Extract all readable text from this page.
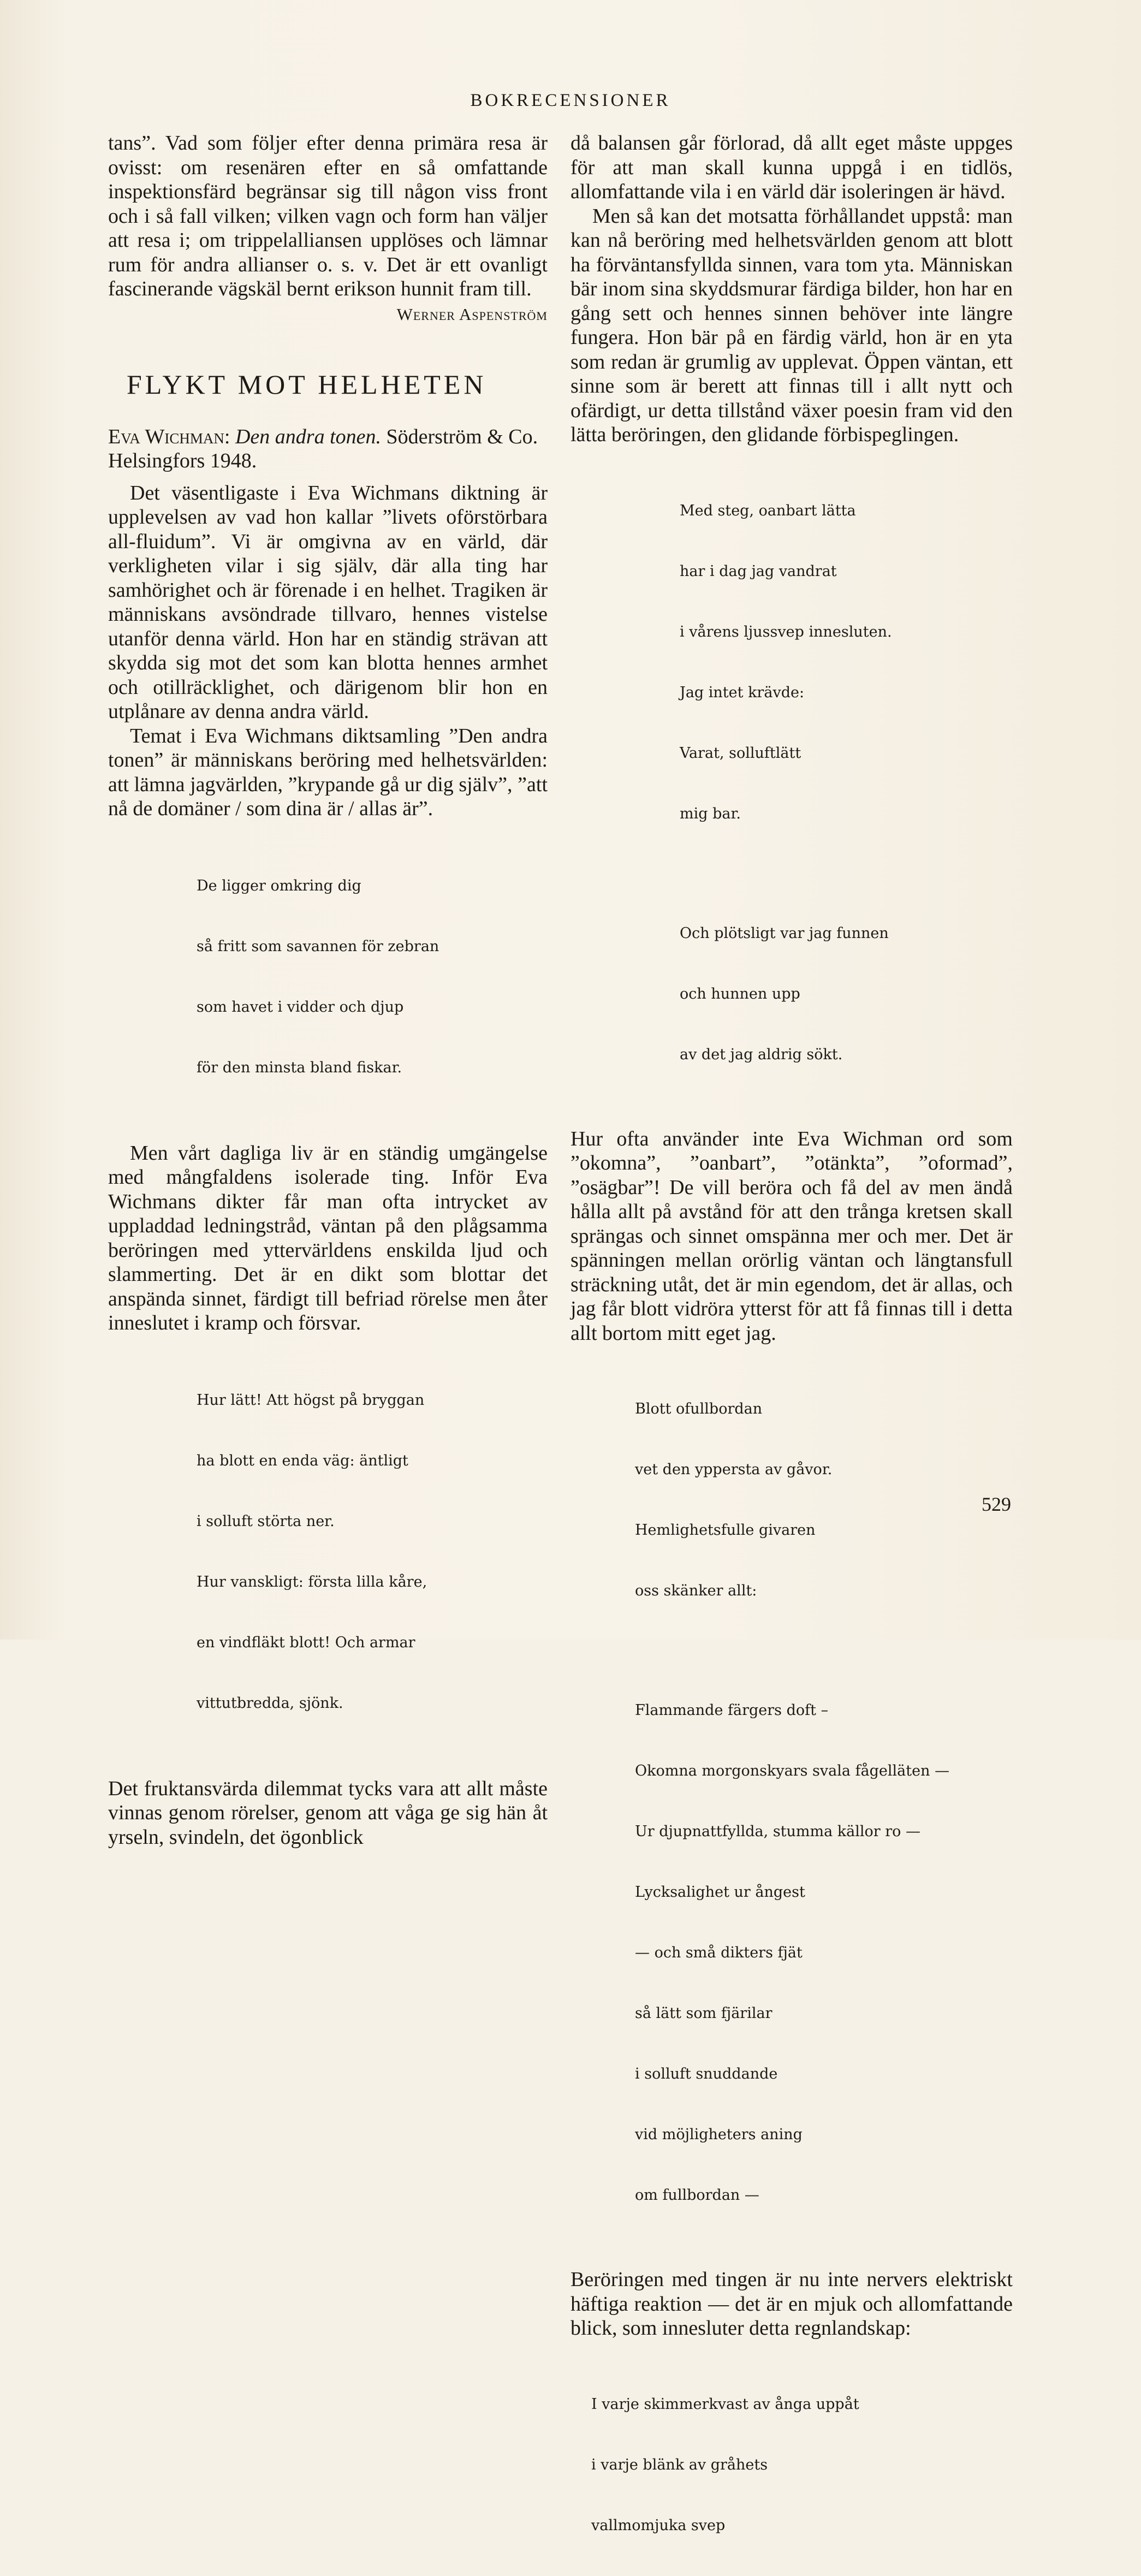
BOKRECENSIONER

tans”. Vad som följer efter denna primära resa är ovisst: om resenären efter en så omfattande inspektionsfärd begränsar sig till någon viss front och i så fall vilken; vilken vagn och form han väljer att resa i; om trippelalliansen upplöses och lämnar rum för andra allianser o. s. v. Det är ett ovanligt fascinerande vägskäl bernt erikson hunnit fram till.

Werner Aspenström
FLYKT MOT HELHETEN
Eva Wichman: Den andra tonen. Söderström & Co. Helsingfors 1948.

Det väsentligaste i Eva Wichmans diktning är upplevelsen av vad hon kallar ”livets oförstörbara all-fluidum”. Vi är omgivna av en värld, där verkligheten vilar i sig själv, där alla ting har samhörighet och är förenade i en helhet. Tragiken är människans avsöndrade tillvaro, hennes vistelse utanför denna värld. Hon har en ständig strävan att skydda sig mot det som kan blotta hennes armhet och otillräcklighet, och därigenom blir hon en utplånare av denna andra värld.

Temat i Eva Wichmans diktsamling ”Den andra tonen” är människans beröring med helhetsvärlden: att lämna jagvärlden, ”krypande gå ur dig själv”, ”att nå de domäner / som dina är / allas är”.

De ligger omkring dig

så fritt som savannen för zebran

som havet i vidder och djup

för den minsta bland fiskar.

Men vårt dagliga liv är en ständig umgängelse med mångfaldens isolerade ting. Inför Eva Wichmans dikter får man ofta intrycket av uppladdad ledningstråd, väntan på den plågsamma beröringen med yttervärldens enskilda ljud och slammerting. Det är en dikt som blottar det anspända sinnet, färdigt till befriad rörelse men åter inneslutet i kramp och försvar.

Hur lätt! Att högst på bryggan

ha blott en enda väg: äntligt

i solluft störta ner.

Hur vanskligt: första lilla kåre,

en vindfläkt blott! Och armar

vittutbredda, sjönk.

Det fruktansvärda dilemmat tycks vara att allt måste vinnas genom rörelser, genom att våga ge sig hän åt yrseln, svindeln, det ögonblick

då balansen går förlorad, då allt eget måste uppges för att man skall kunna uppgå i en tidlös, allomfattande vila i en värld där isoleringen är hävd.

Men så kan det motsatta förhållandet uppstå: man kan nå beröring med helhetsvärlden genom att blott ha förväntansfyllda sinnen, vara tom yta. Människan bär inom sina skyddsmurar färdiga bilder, hon har en gång sett och hennes sinnen behöver inte längre fungera. Hon bär på en färdig värld, hon är en yta som redan är grumlig av upplevat. Öppen väntan, ett sinne som är berett att finnas till i allt nytt och ofärdigt, ur detta tillstånd växer poesin fram vid den lätta beröringen, den glidande förbispeglingen.

Med steg, oanbart lätta

har i dag jag vandrat

i vårens ljussvep innesluten.

Jag intet krävde:

Varat, solluftlätt

mig bar.

Och plötsligt var jag funnen

och hunnen upp

av det jag aldrig sökt.

Hur ofta använder inte Eva Wichman ord som ”okomna”, ”oanbart”, ”otänkta”, ”oformad”, ”osägbar”! De vill beröra och få del av men ändå hålla allt på avstånd för att den trånga kretsen skall sprängas och sinnet omspänna mer och mer. Det är spänningen mellan orörlig väntan och längtansfull sträckning utåt, det är min egendom, det är allas, och jag får blott vidröra ytterst för att få finnas till i detta allt bortom mitt eget jag.

Blott ofullbordan

vet den yppersta av gåvor.

Hemlighetsfulle givaren

oss skänker allt:

Flammande färgers doft –

Okomna morgonskyars svala fågelläten —

Ur djupnattfyllda, stumma källor ro —

Lycksalighet ur ångest

— och små dikters fjät

så lätt som fjärilar

i solluft snuddande

vid möjligheters aning

om fullbordan —

Beröringen med tingen är nu inte nervers elektriskt häftiga reaktion — det är en mjuk och allomfattande blick, som innesluter detta regnlandskap:

I varje skimmerkvast av ånga uppåt

i varje blänk av gråhets

vallmomjuka svep

529
